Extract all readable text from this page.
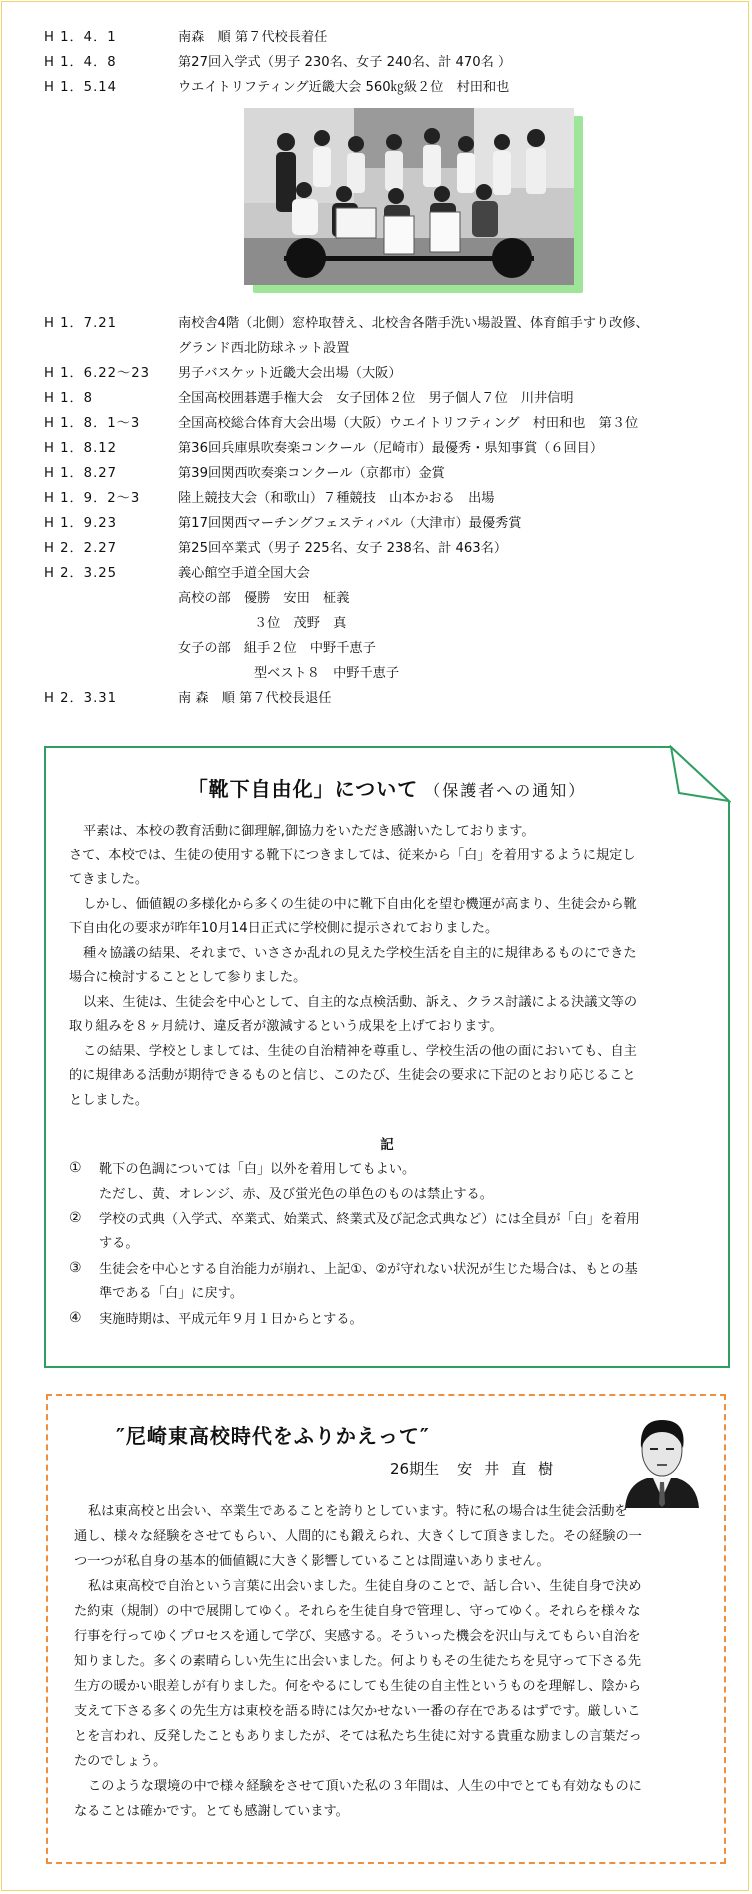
H 1．4．1	南森　順 第７代校長着任
H 1．4．8	第27回入学式（男子 230名、女子 240名、計 470名 ）
H 1．5.14	ウエイトリフティング近畿大会 560㎏級２位　村田和也
H 1．7.21	南校舎4階（北側）窓枠取替え、北校舎各階手洗い場設置、体育館手すり改修、
グランド西北防球ネット設置
H 1．6.22〜23 男子バスケット近畿大会出場（大阪）
H 1．8	全国高校囲碁選手権大会　女子団体２位　男子個人７位　川井信明
H 1．8．1〜3	全国高校総合体育大会出場（大阪）ウエイトリフティング　村田和也　第３位
H 1．8.12	第36回兵庫県吹奏楽コンクール（尼崎市）最優秀・県知事賞（６回目）
H 1．8.27	第39回関西吹奏楽コンクール（京都市）金賞
H 1．9．2〜3	陸上競技大会（和歌山）７種競技　山本かおる　出場
H 1．9.23	第17回関西マーチングフェスティバル（大津市）最優秀賞
H 2．2.27	第25回卒業式（男子 225名、女子 238名、計 463名）
H 2．3.25	義心館空手道全国大会
高校の部　優勝　安田　柾義
３位　茂野　真
女子の部　組手２位　中野千恵子
型ベスト８　中野千恵子
H 2．3.31	南 森　順 第７代校長退任
「靴下自由化」について （保護者への通知）
平素は、本校の教育活動に御理解,御協力をいただき感謝いたしております。
さて、本校では、生徒の使用する靴下につきましては、従来から「白」を着用するように規定し
てきました。
しかし、価値観の多様化から多くの生徒の中に靴下自由化を望む機運が高まり、生徒会から靴
下自由化の要求が昨年10月14日正式に学校側に提示されておりました。
種々協議の結果、それまで、いささか乱れの見えた学校生活を自主的に規律あるものにできた
場合に検討することとして参りました。
以来、生徒は、生徒会を中心として、自主的な点検活動、訴え、クラス討議による決議文等の
取り組みを８ヶ月続け、違反者が激減するという成果を上げております。
この結果、学校としましては、生徒の自治精神を尊重し、学校生活の他の面においても、自主
的に規律ある活動が期待できるものと信じ、このたび、生徒会の要求に下記のとおり応じること
としました。
記
① 靴下の色調については「白」以外を着用してもよい。
ただし、黄、オレンジ、赤、及び蛍光色の単色のものは禁止する。
② 学校の式典（入学式、卒業式、始業式、終業式及び記念式典など）には全員が「白」を着用
する。
③ 生徒会を中心とする自治能力が崩れ、上記①、②が守れない状況が生じた場合は、もとの基
準である「白」に戻す。
④ 実施時期は、平成元年９月１日からとする。
″尼崎東高校時代をふりかえって″
26期生 安井直樹
私は東高校と出会い、卒業生であることを誇りとしています。特に私の場合は生徒会活動を
通し、様々な経験をさせてもらい、人間的にも鍛えられ、大きくして頂きました。その経験の一
つ一つが私自身の基本的価値観に大きく影響していることは間違いありません。
私は東高校で自治という言葉に出会いました。生徒自身のことで、話し合い、生徒自身で決め
た約束（規制）の中で展開してゆく。それらを生徒自身で管理し、守ってゆく。それらを様々な
行事を行ってゆくプロセスを通して学び、実感する。そういった機会を沢山与えてもらい自治を
知りました。多くの素晴らしい先生に出会いました。何よりもその生徒たちを見守って下さる先
生方の暖かい眼差しが有りました。何をやるにしても生徒の自主性というものを理解し、陰から
支えて下さる多くの先生方は東校を語る時には欠かせない一番の存在であるはずです。厳しいこ
とを言われ、反発したこともありましたが、そては私たち生徒に対する貴重な励ましの言葉だっ
たのでしょう。
このような環境の中で様々経験をさせて頂いた私の３年間は、人生の中でとても有効なものに
なることは確かです。とても感謝しています。
